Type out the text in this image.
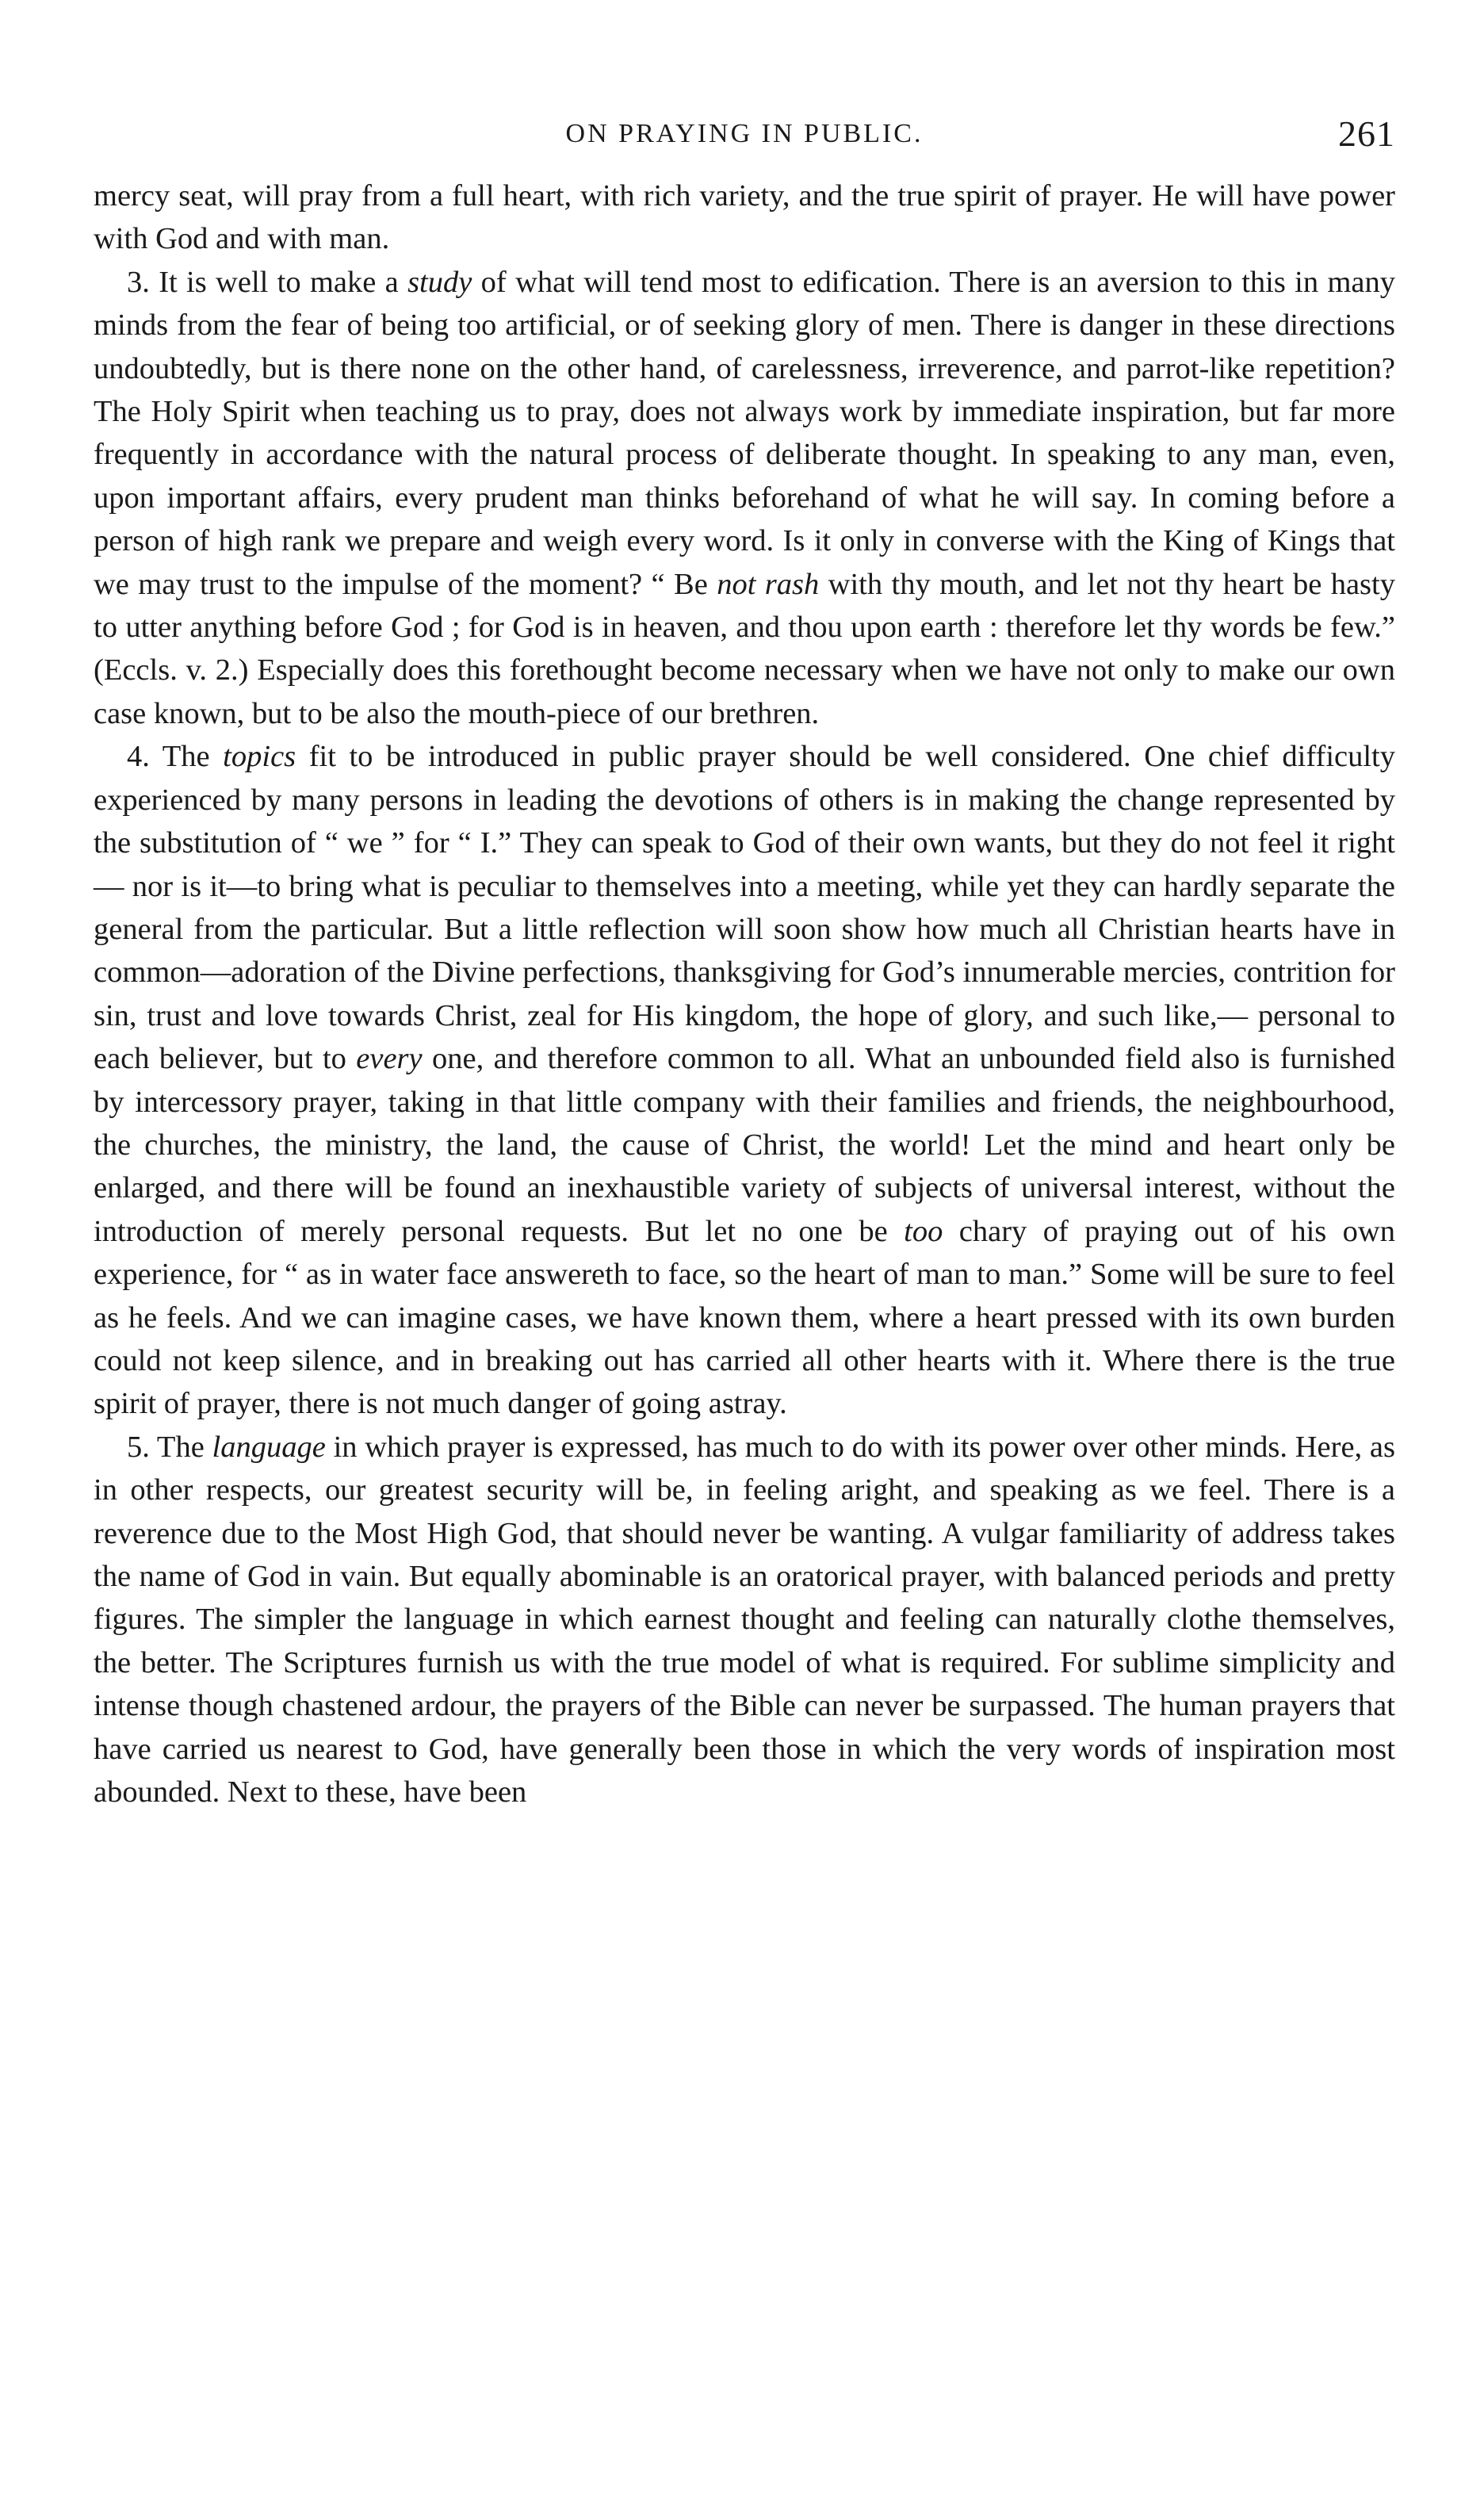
ON PRAYING IN PUBLIC.	261

mercy seat, will pray from a full heart, with rich variety, and the true spirit of prayer. He will have power with God and with man.

3. It is well to make a study of what will tend most to edification. There is an aversion to this in many minds from the fear of being too artificial, or of seeking glory of men. There is danger in these directions undoubtedly, but is there none on the other hand, of carelessness, irreverence, and parrot-like repetition? The Holy Spirit when teaching us to pray, does not always work by immediate inspiration, but far more frequently in accordance with the natural process of deliberate thought. In speaking to any man, even, upon important affairs, every prudent man thinks beforehand of what he will say. In coming before a person of high rank we prepare and weigh every word. Is it only in converse with the King of Kings that we may trust to the impulse of the moment? “ Be not rash with thy mouth, and let not thy heart be hasty to utter anything before God ; for God is in heaven, and thou upon earth : therefore let thy words be few.” (Eccls. v. 2.) Especially does this forethought become necessary when we have not only to make our own case known, but to be also the mouth-piece of our brethren.

4. The topics fit to be introduced in public prayer should be well considered. One chief difficulty experienced by many persons in leading the devotions of others is in making the change represented by the substitution of “ we ” for “ I.” They can speak to God of their own wants, but they do not feel it right— nor is it—to bring what is peculiar to themselves into a meeting, while yet they can hardly separate the general from the particular. But a little reflection will soon show how much all Christian hearts have in common—adoration of the Divine perfections, thanksgiving for God’s innumerable mercies, contrition for sin, trust and love towards Christ, zeal for His kingdom, the hope of glory, and such like,— personal to each believer, but to every one, and therefore common to all. What an unbounded field also is furnished by intercessory prayer, taking in that little company with their families and friends, the neighbourhood, the churches, the ministry, the land, the cause of Christ, the world! Let the mind and heart only be enlarged, and there will be found an inexhaustible variety of subjects of universal interest, without the introduction of merely personal requests. But let no one be too chary of praying out of his own experience, for “ as in water face answereth to face, so the heart of man to man.” Some will be sure to feel as he feels. And we can imagine cases, we have known them, where a heart pressed with its own burden could not keep silence, and in breaking out has carried all other hearts with it. Where there is the true spirit of prayer, there is not much danger of going astray.

5. The language in which prayer is expressed, has much to do with its power over other minds. Here, as in other respects, our greatest security will be, in feeling aright, and speaking as we feel. There is a reverence due to the Most High God, that should never be wanting. A vulgar familiarity of address takes the name of God in vain. But equally abominable is an oratorical prayer, with balanced periods and pretty figures. The simpler the language in which earnest thought and feeling can naturally clothe themselves, the better. The Scriptures furnish us with the true model of what is required. For sublime simplicity and intense though chastened ardour, the prayers of the Bible can never be surpassed. The human prayers that have carried us nearest to God, have generally been those in which the very words of inspiration most abounded. Next to these, have been
